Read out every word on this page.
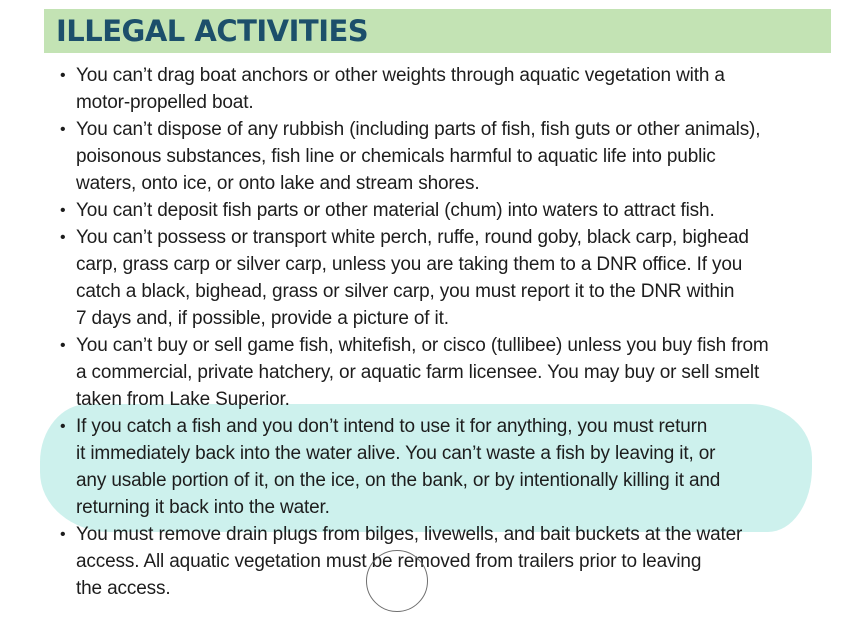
ILLEGAL ACTIVITIES
• You can’t drag boat anchors or other weights through aquatic vegetation with a
motor-propelled boat.
• You can’t dispose of any rubbish (including parts of fish, fish guts or other animals),
poisonous substances, fish line or chemicals harmful to aquatic life into public
waters, onto ice, or onto lake and stream shores.
• You can’t deposit fish parts or other material (chum) into waters to attract fish.
• You can’t possess or transport white perch, ruffe, round goby, black carp, bighead
carp, grass carp or silver carp, unless you are taking them to a DNR office. If you
catch a black, bighead, grass or silver carp, you must report it to the DNR within
7 days and, if possible, provide a picture of it.
• You can’t buy or sell game fish, whitefish, or cisco (tullibee) unless you buy fish from
a commercial, private hatchery, or aquatic farm licensee. You may buy or sell smelt
taken from Lake Superior.
• If you catch a fish and you don’t intend to use it for anything, you must return
it immediately back into the water alive. You can’t waste a fish by leaving it, or
any usable portion of it, on the ice, on the bank, or by intentionally killing it and
returning it back into the water.
• You must remove drain plugs from bilges, livewells, and bait buckets at the water
access. All aquatic vegetation must be removed from trailers prior to leaving
the access.
